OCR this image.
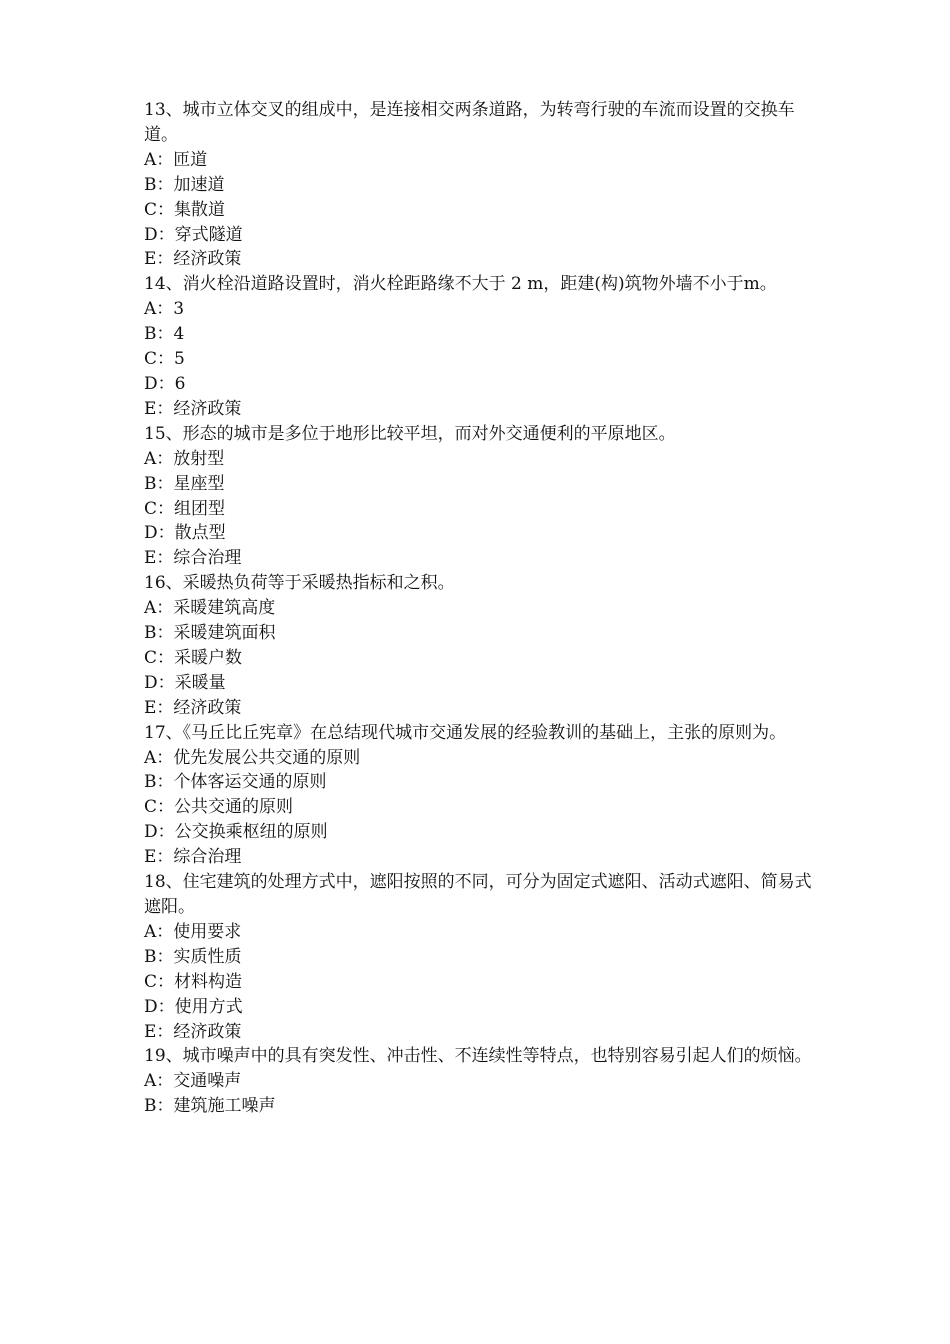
13、城市立体交叉的组成中，是连接相交两条道路，为转弯行驶的车流而设置的交换车道。

A：匝道

B：加速道

C：集散道

D：穿式隧道

E：经济政策

14、消火栓沿道路设置时，消火栓距路缘不大于 2 m，距建(构)筑物外墙不小于m。

A：3

B：4

C：5

D：6

E：经济政策

15、形态的城市是多位于地形比较平坦，而对外交通便利的平原地区。

A：放射型

B：星座型

C：组团型

D：散点型

E：综合治理

16、采暖热负荷等于采暖热指标和之积。

A：采暖建筑高度

B：采暖建筑面积

C：采暖户数

D：采暖量

E：经济政策

17、《马丘比丘宪章》在总结现代城市交通发展的经验教训的基础上，主张的原则为。

A：优先发展公共交通的原则

B：个体客运交通的原则

C：公共交通的原则

D：公交换乘枢纽的原则

E：综合治理

18、住宅建筑的处理方式中，遮阳按照的不同，可分为固定式遮阳、活动式遮阳、简易式遮阳。

A：使用要求

B：实质性质

C：材料构造

D：使用方式

E：经济政策

19、城市噪声中的具有突发性、冲击性、不连续性等特点，也特别容易引起人们的烦恼。

A：交通噪声

B：建筑施工噪声
